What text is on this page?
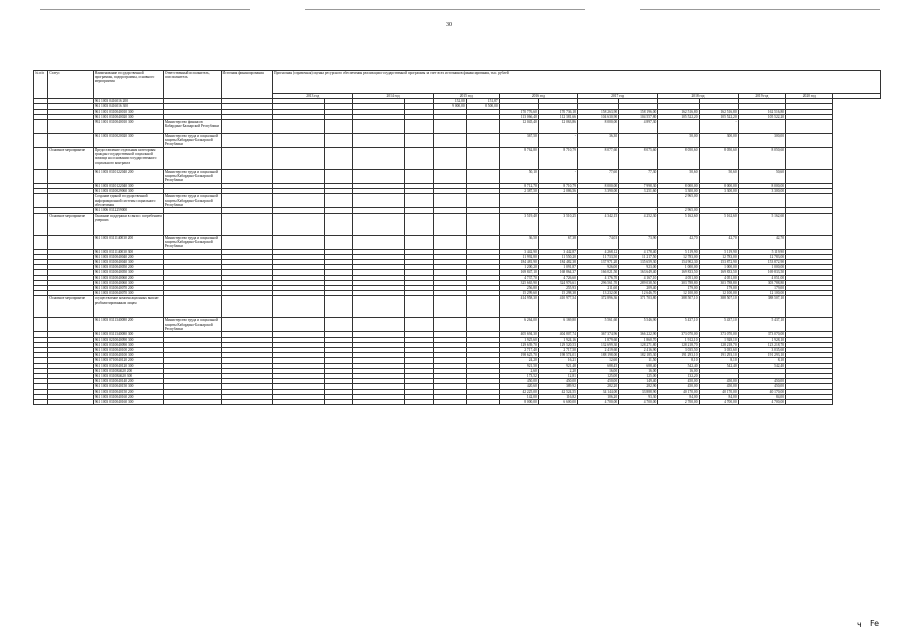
30
№ п/п	Статус	Наименование государственной программы, подпрограммы, основного мероприятия	Ответственный исполнитель, соисполнитель	Источник финансирования	Прогнозная (справочная) оценка ресурсного обеспечения реализации государственной программы за счет всех источников финансирования, тыс. рублей														
					2013 год		2014 год		2015 год		2016 год		2017 год		2018 год		2019 год	2020 год	
		961 1003 0416016 200							152,00	151,87									
		961 1003 0416016 300							9 000,00	8 500,00									
		961 1001 0310040010 300									170 776,60	170 736,18	158 263,90	158 196,00	162 516,80	162 516,80	162 516,80		
		961 1001 0310040020 300									113 066,40	112 381,66	104 630,90	104 557,80	105 522,20	105 522,20	105 522,20		
		992 1001 0310040010 300	Министерство финансов Кабардино-Балкарской Республики								12 045,40	12 063,86	8 000,00	4 897,30		-			
		961 1003 0310020020 300	Министерство труда и социальной защиты Кабардино-Балкарской Республики								367,50	-	36,30		50,00	300,00	300,00		
	Основное мероприятие	Предоставление отдельным категориям граждан государственной социальной помощи на основании государственного социального контракта									8 762,80	8 710,79	8 077,60	8 075,60	8 050,60	8 050,60	8 050,60		
		961 1003 0310122040 200	Министерство труда и социальной защиты Кабардино-Балкарской Республики								50,10	-	77,60	77,30	50,60	50,60	50,60		
		961 1003 0310122040 300									8 712,70	8 710,79	8 000,00	7 998,30	8 000,00	8 000,00	8 000,00		
		961 1003 0310029060 300									2 387,50	2 086,56	3 390,00	3 251,60	3 300,00	3 300,00	3 300,00		
		Создание единой государственной информационной системы социального обеспечения	Министерство труда и социальной защиты Кабардино-Балкарской Республики												2 965,00				
		961 1006 0312259000									-		-	-	2 965,00	-			
	Основное мероприятие	Оказание поддержки в связи с погребением умерших									3 519,40	3 510,25	4 342,15	4 252,30	5 162,60	5 162,60	5 162,60		
		961 1003 0311140030 200	Министерство труда и социальной защиты Кабардино-Балкарской Республики								36,50	67,38	74,03	73,90	42,70	42,70	42,70		
		961 1003 0311140030 300									3 442,90	3 442,87	4 268,12	4 178,40	5 119,90	5 119,90	5 119,90		
		961 1003 0310040040 200									11 992,80	11 550,20	11 733,50	11 217,50	12 783,00	12 783,00	12 783,00		
		961 1003 0310040040 300									184 481,90	184 482,38	137 971,20	135 659,30	154 902,30	153 872,90	153 872,90		
		961 1003 0310040050 200									1 200,20	1 091,87	926,00	923,00	1 000,00	1 000,00	1 000,00		
		961 1003 0310040050 300									169 847,10	168 864,37	166 021,50	163 649,40	169 833,50	169 833,50	169 833,50		
		961 1003 0310040060 200									4 737,70	4 726,60	4 176,70	4 167,10	4 051,00	4 051,00	4 051,00		
		961 1003 0310040060 300									325 665,90	324 976,61	296 561,70	289 038,50	303 788,80	303 788,80	303 788,80		
		961 1003 0310040070 200									256,80	255,93	211,60	209,40	179,00	179,00	179,00		
		961 1003 0310040070 300									15 299,60	15 298,38	13 232,00	12 646,70	12 100,00	12 100,00	12 100,00		
	Основное мероприятие	осуществление компенсационных выплат реабилитированным лицам									414 958,30	410 977,54	372 896,36	371 703,80	388 507,10	388 507,10	388 507,10		
		961 1003 0311340080 200	Министерство труда и социальной защиты Кабардино-Балкарской Республики								6 264,00	6 169,80	5 561,60	5 546,90	5 437,10	5 437,10	5 437,10		
		961 1003 0311340080 300									405 694,30	404 807,74	367 374,96	366 222,90	373 070,00	373 070,00	373 070,00		
		961 1003 0210040090 300									1 925,60	1 924,16	1 879,60	1 860,70	1 912,10	1 928,10	1 928,10		
		961 1003 0310040090 300									129 639,70	129 520,53	132 699,30	128 271,80	128 218,70	128 218,70	123 218,70		
		961 1003 0310040100 200									2 717,40	2 717,50	2 419,60	2 416,90	3 035,50	3 035,60	3 035,60		
		961 1003 0310040100 300									198 625,70	198 574,01	188 198,00	182 185,30	191 293,10	191 293,10	191 293,10		
		961 1003 0710040120 200									24,20	16,21	12,60	11,50	8,10	8,10	8,10		
		961 1003 0310040120 300									921,50	921,48	688,45	688,40	542,40	542,40	542,40		
		961 1003 0310R4620 200									2,60	2,20	16,00	16,00	16,00				
		961 1003 0310R4620 300									173,52	12,81	125,00	125,00	132,20				
		961 1003 0310040140 200									450,00	450,00	450,00	149,40	450,00	450,00	450,00		
		961 1003 0310040150 300									420,60	389,92	282,20	282,90	450,00	450,00	450,00		
		961 1003 0310040150 200									42 225,00	42 524,55	34 144,00	33 888,90	40 170,00	40 170,00	40 170,00		
		961 1003 0310040160 200									142,00	116,82	106,20	93,30	84,00	84,00	84,00		
		961 1003 0310040160 300									8 000,00	6 600,00	4 700,00	4 700,00	2 700,00	4 700,00	4 700,00		
ч Fe
